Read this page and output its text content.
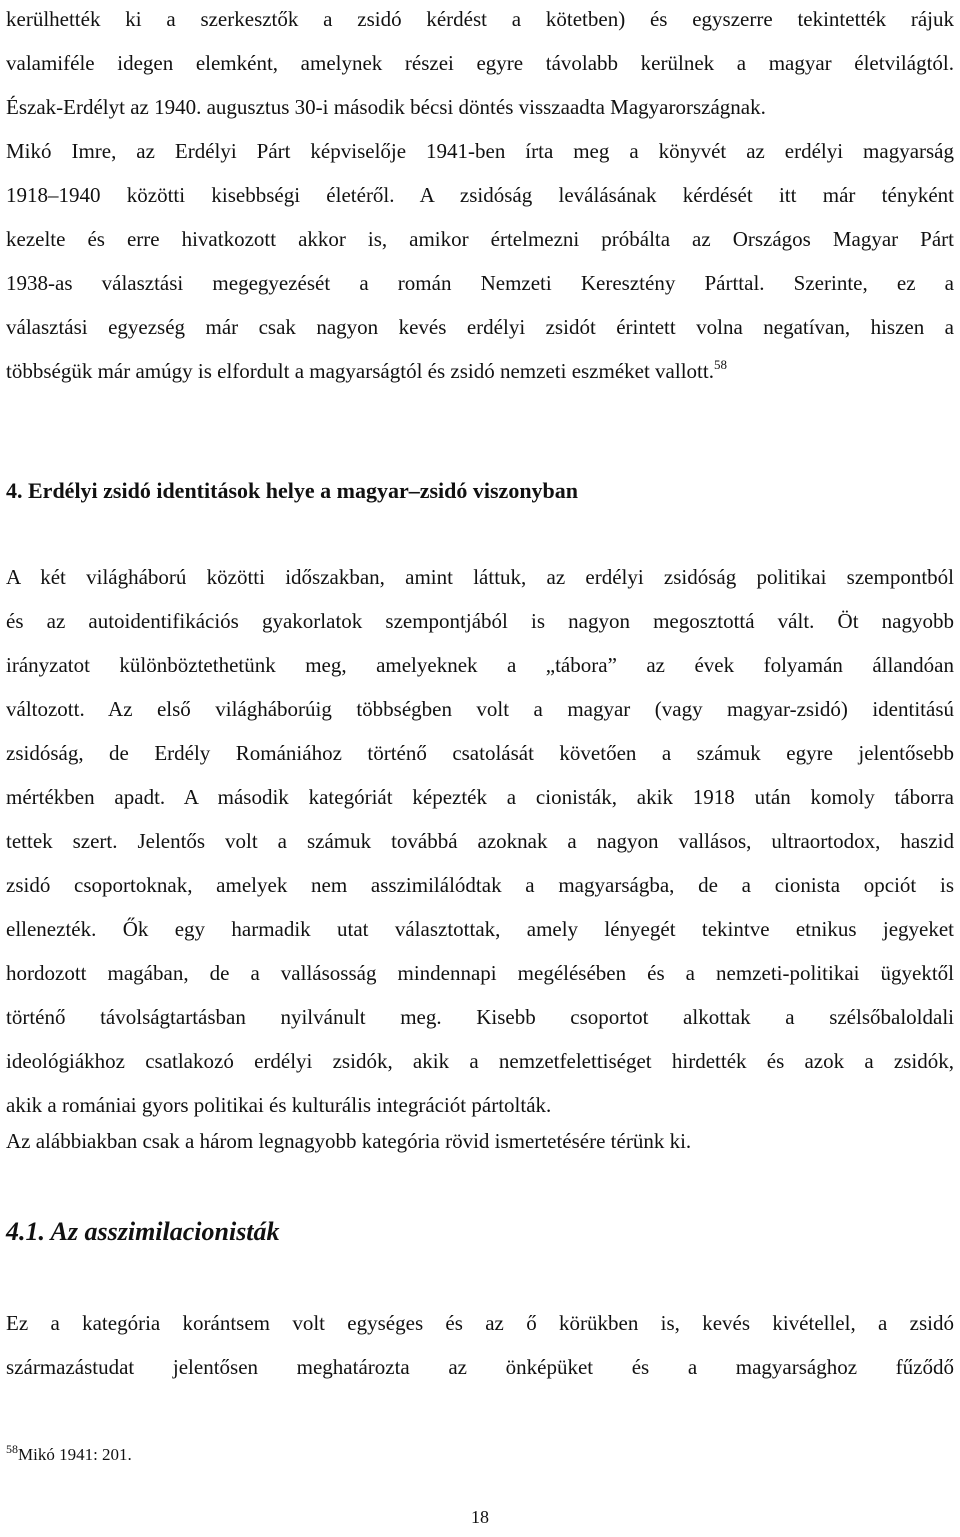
kerülhették ki a szerkesztők a zsidó kérdést a kötetben) és egyszerre tekintették rájuk
valamiféle idegen elemként, amelynek részei egyre távolabb kerülnek a magyar életvilágtól.
Észak-Erdélyt az 1940. augusztus 30-i második bécsi döntés visszaadta Magyarországnak.
Mikó Imre, az Erdélyi Párt képviselője 1941-ben írta meg a könyvét az erdélyi magyarság
1918–1940 közötti kisebbségi életéről. A zsidóság leválásának kérdését itt már tényként
kezelte és erre hivatkozott akkor is, amikor értelmezni próbálta az Országos Magyar Párt
1938-as választási megegyezését a román Nemzeti Keresztény Párttal. Szerinte, ez a
választási egyezség már csak nagyon kevés erdélyi zsidót érintett volna negatívan, hiszen a
többségük már amúgy is elfordult a magyarságtól és zsidó nemzeti eszméket vallott.$^{58}$
4. Erdélyi zsidó identitások helye a magyar–zsidó viszonyban
A két világháború közötti időszakban, amint láttuk, az erdélyi zsidóság politikai szempontból
és az autoidentifikációs gyakorlatok szempontjából is nagyon megosztottá vált. Öt nagyobb
irányzatot különböztethetünk meg, amelyeknek a „tábora” az évek folyamán állandóan
változott. Az első világháborúig többségben volt a magyar (vagy magyar-zsidó) identitású
zsidóság, de Erdély Romániához történő csatolását követően a számuk egyre jelentősebb
mértékben apadt. A második kategóriát képezték a cionisták, akik 1918 után komoly táborra
tettek szert. Jelentős volt a számuk továbbá azoknak a nagyon vallásos, ultraortodox, haszid
zsidó csoportoknak, amelyek nem asszimilálódtak a magyarságba, de a cionista opciót is
ellenezték. Ők egy harmadik utat választottak, amely lényegét tekintve etnikus jegyeket
hordozott magában, de a vallásosság mindennapi megélésében és a nemzeti-politikai ügyektől
történő távolságtartásban nyilvánult meg. Kisebb csoportot alkottak a szélsőbaloldali
ideológiákhoz csatlakozó erdélyi zsidók, akik a nemzetfelettiséget hirdették és azok a zsidók,
akik a romániai gyors politikai és kulturális integrációt pártolták.
Az alábbiakban csak a három legnagyobb kategória rövid ismertetésére térünk ki.
4.1. Az asszimilacionisták
Ez a kategória korántsem volt egységes és az ő körükben is, kevés kivétellel, a zsidó
származástudat jelentősen meghatározta az önképüket és a magyarsághoz fűződő
$^{58}$Mikó 1941: 201.
18
